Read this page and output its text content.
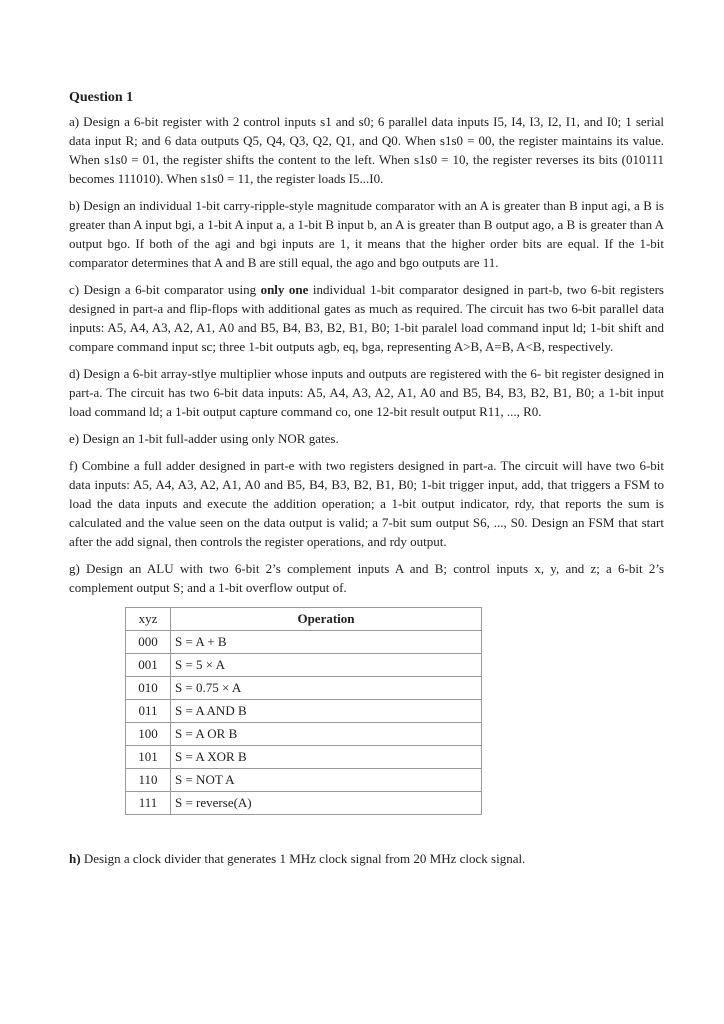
Question 1

a) Design a 6-bit register with 2 control inputs s1 and s0; 6 parallel data inputs I5, I4, I3, I2, I1, and I0; 1 serial data input R; and 6 data outputs Q5, Q4, Q3, Q2, Q1, and Q0. When s1s0 = 00, the register maintains its value. When s1s0 = 01, the register shifts the content to the left. When s1s0 = 10, the register reverses its bits (010111 becomes 111010). When s1s0 = 11, the register loads I5...I0.

b) Design an individual 1-bit carry-ripple-style magnitude comparator with an A is greater than B input agi, a B is greater than A input bgi, a 1-bit A input a, a 1-bit B input b, an A is greater than B output ago, a B is greater than A output bgo. If both of the agi and bgi inputs are 1, it means that the higher order bits are equal. If the 1-bit comparator determines that A and B are still equal, the ago and bgo outputs are 11.

c) Design a 6-bit comparator using only one individual 1-bit comparator designed in part-b, two 6-bit registers designed in part-a and flip-flops with additional gates as much as required. The circuit has two 6-bit parallel data inputs: A5, A4, A3, A2, A1, A0 and B5, B4, B3, B2, B1, B0; 1-bit paralel load command input ld; 1-bit shift and compare command input sc; three 1-bit outputs agb, eq, bga, representing A>B, A=B, A<B, respectively.

d) Design a 6-bit array-stlye multiplier whose inputs and outputs are registered with the 6- bit register designed in part-a. The circuit has two 6-bit data inputs: A5, A4, A3, A2, A1, A0 and B5, B4, B3, B2, B1, B0; a 1-bit input load command ld; a 1-bit output capture command co, one 12-bit result output R11, ..., R0.

e) Design an 1-bit full-adder using only NOR gates.

f) Combine a full adder designed in part-e with two registers designed in part-a. The circuit will have two 6-bit data inputs: A5, A4, A3, A2, A1, A0 and B5, B4, B3, B2, B1, B0; 1-bit trigger input, add, that triggers a FSM to load the data inputs and execute the addition operation; a 1-bit output indicator, rdy, that reports the sum is calculated and the value seen on the data output is valid; a 7-bit sum output S6, ..., S0. Design an FSM that start after the add signal, then controls the register operations, and rdy output.

g) Design an ALU with two 6-bit 2’s complement inputs A and B; control inputs x, y, and z; a 6-bit 2’s complement output S; and a 1-bit overflow output of.

xyz	Operation
000	S = A + B
001	S = 5 × A
010	S = 0.75 × A
011	S = A AND B
100	S = A OR B
101	S = A XOR B
110	S = NOT A
111	S = reverse(A)

h) Design a clock divider that generates 1 MHz clock signal from 20 MHz clock signal.
